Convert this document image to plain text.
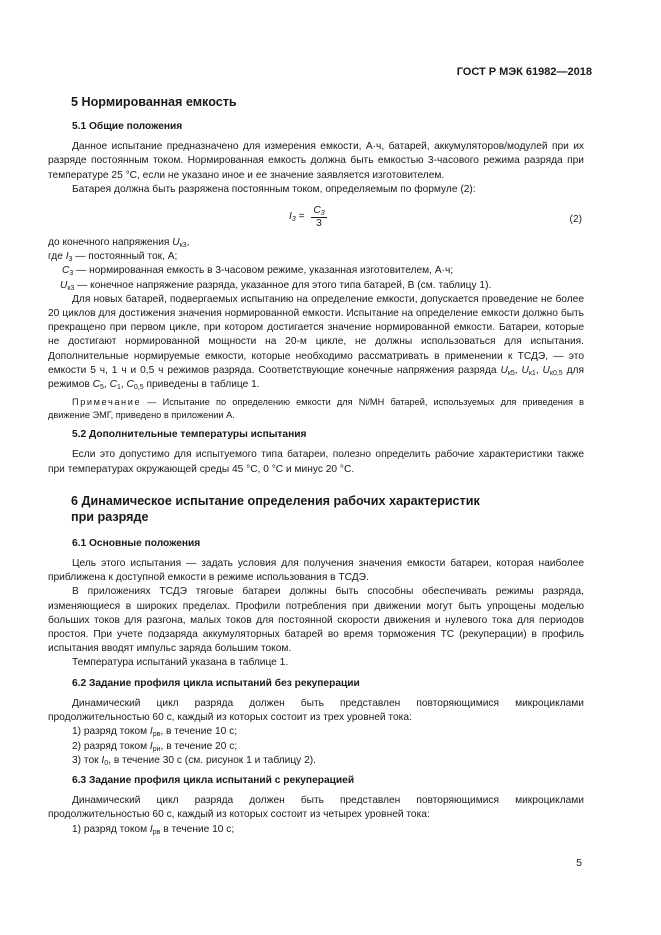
ГОСТ Р МЭК 61982—2018
5 Нормированная емкость
5.1 Общие положения

Данное испытание предназначено для измерения емкости, А·ч, батарей, аккумуляторов/модулей при их разряде постоянным током. Нормированная емкость должна быть емкостью 3-часового режима разряда при температуре 25 °С, если не указано иное и ее значение заявляется изготовителем.

Батарея должна быть разряжена постоянным током, определяемым по формуле (2):

$I_3 = \frac{C_3}{3}$	(2)

до конечного напряжения $U_{к3}$,

где $I_3$ — постоянный ток, А;
$C_3$ — нормированная емкость в 3-часовом режиме, указанная изготовителем, А·ч;
$U_{к3}$ — конечное напряжение разряда, указанное для этого типа батарей, В (см. таблицу 1).

Для новых батарей, подвергаемых испытанию на определение емкости, допускается проведение не более 20 циклов для достижения значения нормированной емкости. Испытание на определение емкости должно быть прекращено при первом цикле, при котором достигается значение нормированной емкости. Батареи, которые не достигают нормированной мощности на 20-м цикле, не должны использоваться для испытания. Дополнительные нормируемые емкости, которые необходимо рассматривать в применении к ТСДЭ, — это емкости 5 ч, 1 ч и 0,5 ч режимов разряда. Соответствующие конечные напряжения разряда $U_{к5}$, $U_{к1}$, $U_{к0,5}$ для режимов $C_5$, $C_1$, $C_{0,5}$ приведены в таблице 1.

Примечание — Испытание по определению емкости для Ni/MH батарей, используемых для приведения в движение ЭМГ, приведено в приложении А.

5.2 Дополнительные температуры испытания

Если это допустимо для испытуемого типа батареи, полезно определить рабочие характеристики также при температурах окружающей среды 45 °С, 0 °С и минус 20 °С.

6 Динамическое испытание определения рабочих характеристик
при разряде
6.1 Основные положения

Цель этого испытания — задать условия для получения значения емкости батареи, которая наиболее приближена к доступной емкости в режиме использования в ТСДЭ.

В приложениях ТСДЭ тяговые батареи должны быть способны обеспечивать режимы разряда, изменяющиеся в широких пределах. Профили потребления при движении могут быть упрощены моделью больших токов для разгона, малых токов для постоянной скорости движения и нулевого тока для периодов простоя. При учете подзаряда аккумуляторных батарей во время торможения ТС (рекуперации) в профиль испытания вводят импульс заряда большим током.

Температура испытаний указана в таблице 1.

6.2 Задание профиля цикла испытаний без рекуперации

Динамический цикл разряда должен быть представлен повторяющимися микроциклами продолжительностью 60 с, каждый из которых состоит из трех уровней тока:

1) разряд током $I_{рв}$, в течение 10 с;

2) разряд током $I_{рн}$, в течение 20 с;

3) ток $I_0$, в течение 30 с (см. рисунок 1 и таблицу 2).

6.3 Задание профиля цикла испытаний с рекуперацией

Динамический цикл разряда должен быть представлен повторяющимися микроциклами продолжительностью 60 с, каждый из которых состоит из четырех уровней тока:

1) разряд током $I_{рв}$ в течение 10 с;

5
